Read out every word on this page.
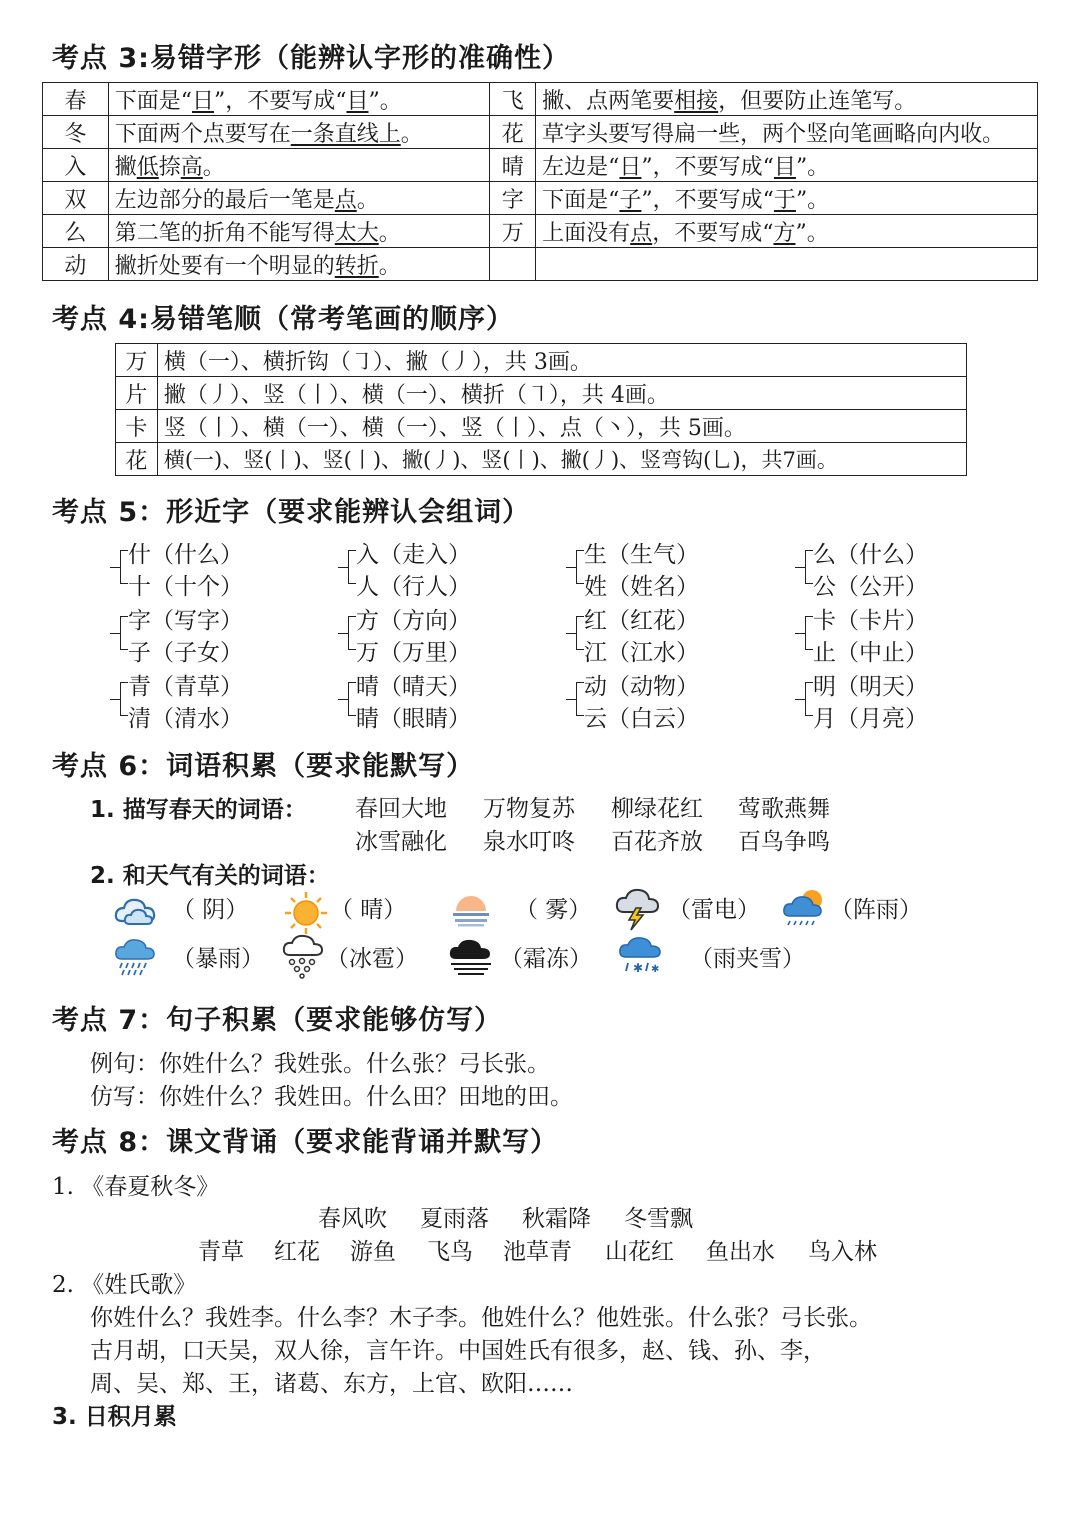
考点 3:易错字形（能辨认字形的准确性）
春	下面是“日”，不要写成“目”。	飞	撇、点两笔要相接，但要防止连笔写。
冬	下面两个点要写在一条直线上。	花	草字头要写得扁一些，两个竖向笔画略向内收。
入	撇低捺高。	晴	左边是“日”，不要写成“目”。
双	左边部分的最后一笔是点。	字	下面是“子”，不要写成“于”。
么	第二笔的折角不能写得太大。	万	上面没有点，不要写成“方”。
动	撇折处要有一个明显的转折。		
考点 4:易错笔顺（常考笔画的顺序）
万	横（一）、横折钩（㇆）、撇（丿），共 3画。
片	撇（丿）、竖（丨）、横（一）、横折（㇕），共 4画。
卡	竖（丨）、横（一）、横（一）、竖（丨）、点（丶），共 5画。
花	横(一)、竖(丨)、竖(丨)、撇(丿)、竖(丨)、撇(丿)、竖弯钩(乚)，共7画。
考点 5：形近字（要求能辨认会组词）
什（什么）
十（十个）
入（走入）
人（行人）
生（生气）
姓（姓名）
么（什么）
公（公开）
字（写字）
子（子女）
方（方向）
万（万里）
红（红花）
江（江水）
卡（卡片）
止（中止）
青（青草）
清（清水）
晴（晴天）
睛（眼睛）
动（动物）
云（白云）
明（明天）
月（月亮）
考点 6：词语积累（要求能默写）
1. 描写春天的词语： 春回大地 万物复苏 柳绿花红 莺歌燕舞
冰雪融化 泉水叮咚 百花齐放 百鸟争鸣
2. 和天气有关的词语：
✱ ✱
（ 阴）	（ 晴）	（ 雾）	（雷电）	（阵雨）
（暴雨）	（冰雹）	（霜冻）	（雨夹雪）
考点 7：句子积累（要求能够仿写）
例句：你姓什么？我姓张。什么张？弓长张。
仿写：你姓什么？我姓田。什么田？田地的田。
考点 8：课文背诵（要求能背诵并默写）
1. 《春夏秋冬》
春风吹 夏雨落 秋霜降 冬雪飘
青草 红花 游鱼 飞鸟 池草青 山花红 鱼出水 鸟入林
2. 《姓氏歌》
你姓什么？我姓李。什么李？木子李。他姓什么？他姓张。什么张？弓长张。
古月胡，口天吴，双人徐，言午许。中国姓氏有很多，赵、钱、孙、李，
周、吴、郑、王，诸葛、东方，上官、欧阳……
3. 日积月累
